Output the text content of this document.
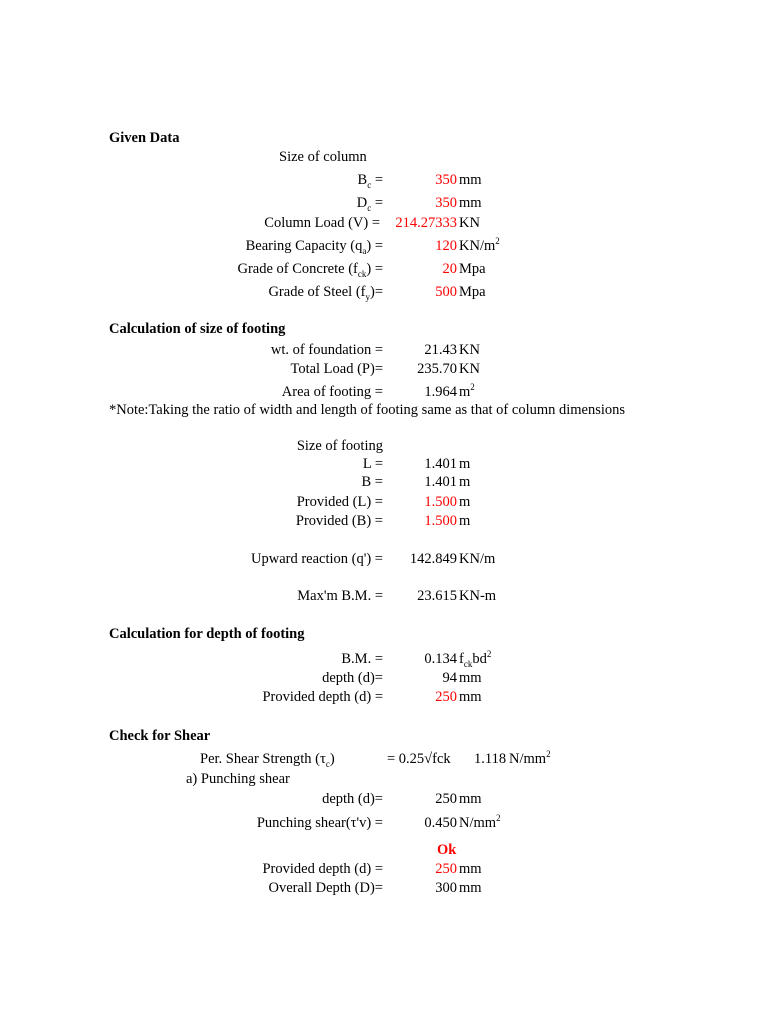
Given Data
Size of column
$B_c$ =	350 mm
$D_c$ =	350 mm
Column Load (V) = 214.27333 KN
Bearing Capacity $(q_a)$ =	120 $KN/m^2$
Grade of Concrete $(f_{ck})$ =	20 Mpa
Grade of Steel $(f_y)=$	500 Mpa
Calculation of size of footing
wt. of foundation =	21.43 KN
Total Load (P)= 235.70 KN
Area of footing =	1.964 $m^2$
*Note:Taking the ratio of width and length of footing same as that of column dimensions
Size of footing
L =	1.401 m
B =	1.401 m
Provided (L) =	1.500 m
Provided (B) =	1.500 m
Upward reaction (q') = 142.849 KN/m
Max'm B.M. = 23.615 KN-m
Calculation for depth of footing
B.M. =	0.134 $f_{ck}bd^2$
depth (d)=	94 mm
Provided depth (d) =	250 mm
Check for Shear
Per. Shear Strength $(\tau_c)$	= 0.25√fck 1.118 $N/mm^2$
a) Punching shear
depth (d)=	250 mm
Punching shear(τ'v) =	0.450 $N/mm^2$
Ok
Provided depth (d) =	250 mm
Overall Depth (D)=	300 mm
